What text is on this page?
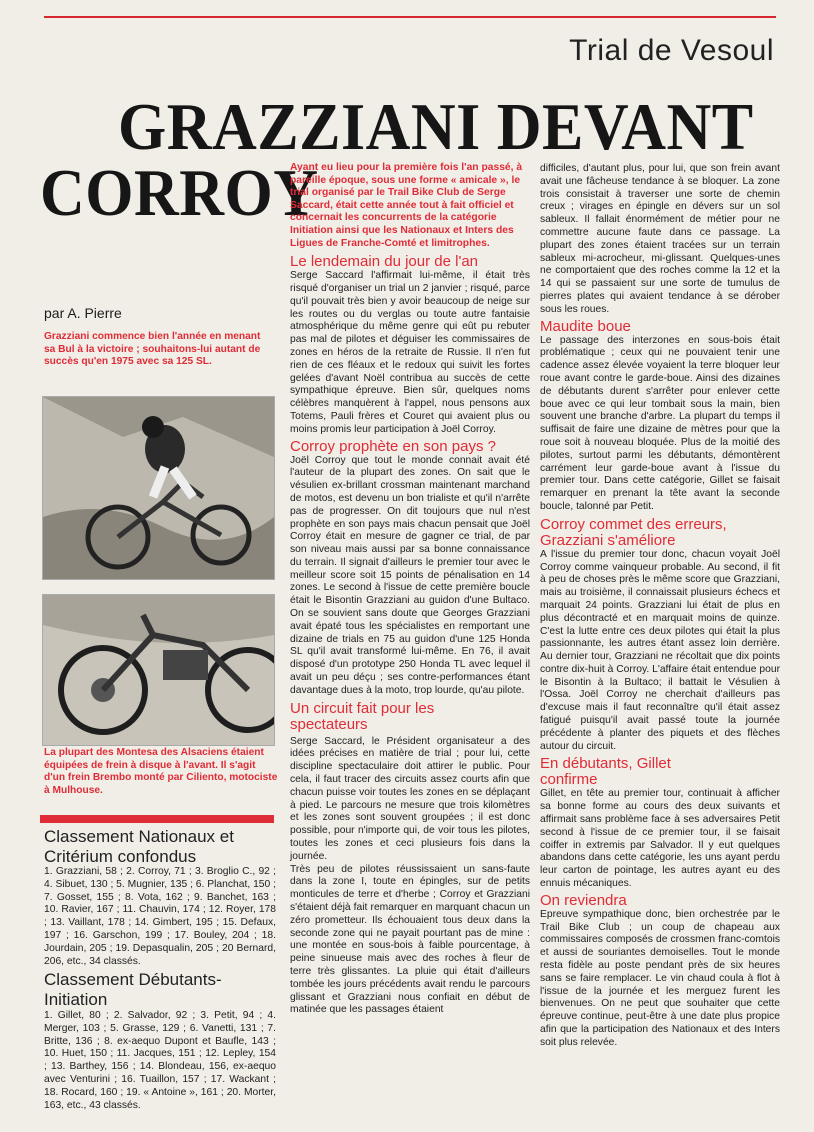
Trial de Vesoul
GRAZZIANI DEVANT
CORROY
par A. Pierre
Grazziani commence bien l'année en menant sa Bul à la victoire ; souhaitons-lui autant de succès qu'en 1975 avec sa 125 SL.
La plupart des Montesa des Alsaciens étaient équipées de frein à disque à l'avant. Il s'agit d'un frein Brembo monté par Ciliento, motociste à Mulhouse.
Classement Nationaux et Critérium confondus
1. Grazziani, 58 ; 2. Corroy, 71 ; 3. Broglio C., 92 ; 4. Sibuet, 130 ; 5. Mugnier, 135 ; 6. Planchat, 150 ; 7. Gosset, 155 ; 8. Vota, 162 ; 9. Banchet, 163 ; 10. Ravier, 167 ; 11. Chauvin, 174 ; 12. Royer, 178 ; 13. Vaillant, 178 ; 14. Gimbert, 195 ; 15. Defaux, 197 ; 16. Garschon, 199 ; 17. Bouley, 204 ; 18. Jourdain, 205 ; 19. Depasqualin, 205 ; 20 Bernard, 206, etc., 34 classés.
Classement Débutants-Initiation
1. Gillet, 80 ; 2. Salvador, 92 ; 3. Petit, 94 ; 4. Merger, 103 ; 5. Grasse, 129 ; 6. Vanetti, 131 ; 7. Britte, 136 ; 8. ex-aequo Dupont et Baufle, 143 ; 10. Huet, 150 ; 11. Jacques, 151 ; 12. Lepley, 154 ; 13. Barthey, 156 ; 14. Blondeau, 156, ex-aequo avec Venturini ; 16. Tuaillon, 157 ; 17. Wackant ; 18. Rocard, 160 ; 19. « Antoine », 161 ; 20. Morter, 163, etc., 43 classés.
Ayant eu lieu pour la première fois l'an passé, à pareille époque, sous une forme « amicale », le trial organisé par le Trail Bike Club de Serge Saccard, était cette année tout à fait officiel et concernait les concurrents de la catégorie Initiation ainsi que les Nationaux et Inters des Ligues de Franche-Comté et limitrophes.
Le lendemain du jour de l'an
Serge Saccard l'affirmait lui-même, il était très risqué d'organiser un trial un 2 janvier ; risqué, parce qu'il pouvait très bien y avoir beaucoup de neige sur les routes ou du verglas ou toute autre fantaisie atmosphérique du même genre qui eût pu rebuter pas mal de pilotes et déguiser les commissaires de zones en héros de la retraite de Russie. Il n'en fut rien de ces fléaux et le redoux qui suivit les fortes gelées d'avant Noël contribua au succès de cette sympathique épreuve. Bien sûr, quelques noms célèbres manquèrent à l'appel, nous pensons aux Totems, Pauli frères et Couret qui avaient plus ou moins promis leur participation à Joël Corroy.
Corroy prophète en son pays ?
Joël Corroy que tout le monde connait avait été l'auteur de la plupart des zones. On sait que le vésulien ex-brillant crossman maintenant marchand de motos, est devenu un bon trialiste et qu'il n'arrête pas de progresser. On dit toujours que nul n'est prophète en son pays mais chacun pensait que Joël Corroy était en mesure de gagner ce trial, de par son niveau mais aussi par sa bonne connaissance du terrain. Il signait d'ailleurs le premier tour avec le meilleur score soit 15 points de pénalisation en 14 zones. Le second à l'issue de cette première boucle était le Bisontin Grazziani au guidon d'une Bultaco. On se souvient sans doute que Georges Grazziani avait épaté tous les spécialistes en remportant une dizaine de trials en 75 au guidon d'une 125 Honda SL qu'il avait transformé lui-même. En 76, il avait disposé d'un prototype 250 Honda TL avec lequel il avait un peu déçu ; ses contre-performances étant davantage dues à la moto, trop lourde, qu'au pilote.
Un circuit fait pour les spectateurs
Serge Saccard, le Président organisateur a des idées précises en matière de trial ; pour lui, cette discipline spectaculaire doit attirer le public. Pour cela, il faut tracer des circuits assez courts afin que chacun puisse voir toutes les zones en se déplaçant à pied. Le parcours ne mesure que trois kilomètres et les zones sont souvent groupées ; il est donc possible, pour n'importe qui, de voir tous les pilotes, toutes les zones et ceci plusieurs fois dans la journée.
Très peu de pilotes réussissaient un sans-faute dans la zone I, toute en épingles, sur de petits monticules de terre et d'herbe ; Corroy et Grazziani s'étaient déjà fait remarquer en marquant chacun un zéro prometteur. Ils échouaient tous deux dans la seconde zone qui ne payait pourtant pas de mine : une montée en sous-bois à faible pourcentage, à peine sinueuse mais avec des roches à fleur de terre très glissantes. La pluie qui était d'ailleurs tombée les jours précédents avait rendu le parcours glissant et Grazziani nous confiait en début de matinée que les passages étaient
difficiles, d'autant plus, pour lui, que son frein avant avait une fâcheuse tendance à se bloquer. La zone trois consistait à traverser une sorte de chemin creux ; virages en épingle en dévers sur un sol sableux. Il fallait énormément de métier pour ne commettre aucune faute dans ce passage. La plupart des zones étaient tracées sur un terrain sableux mi-acrocheur, mi-glissant. Quelques-unes ne comportaient que des roches comme la 12 et la 14 qui se passaient sur une sorte de tumulus de pierres plates qui avaient tendance à se dérober sous les roues.
Maudite boue
Le passage des interzones en sous-bois était problématique ; ceux qui ne pouvaient tenir une cadence assez élevée voyaient la terre bloquer leur roue avant contre le garde-boue. Ainsi des dizaines de débutants durent s'arrêter pour enlever cette boue avec ce qui leur tombait sous la main, bien souvent une branche d'arbre. La plupart du temps il suffisait de faire une dizaine de mètres pour que la roue soit à nouveau bloquée. Plus de la moitié des pilotes, surtout parmi les débutants, démontèrent carrément leur garde-boue avant à l'issue du premier tour. Dans cette catégorie, Gillet se faisait remarquer en prenant la tête avant la seconde boucle, talonné par Petit.
Corroy commet des erreurs, Grazziani s'améliore
A l'issue du premier tour donc, chacun voyait Joël Corroy comme vainqueur probable. Au second, il fit à peu de choses près le même score que Grazziani, mais au troisième, il connaissait plusieurs échecs et marquait 24 points. Grazziani lui était de plus en plus décontracté et en marquait moins de quinze. C'est la lutte entre ces deux pilotes qui était la plus passionnante, les autres étant assez loin derrière. Au dernier tour, Grazziani ne récoltait que dix points contre dix-huit à Corroy. L'affaire était entendue pour le Bisontin à la Bultaco; il battait le Vésulien à l'Ossa. Joël Corroy ne cherchait d'ailleurs pas d'excuse mais il faut reconnaître qu'il était assez fatigué puisqu'il avait passé toute la journée précédente à planter des piquets et des flèches autour du circuit.
En débutants, Gillet confirme
Gillet, en tête au premier tour, continuait à afficher sa bonne forme au cours des deux suivants et affirmait sans problème face à ses adversaires Petit second à l'issue de ce premier tour, il se faisait coiffer in extremis par Salvador. Il y eut quelques abandons dans cette catégorie, les uns ayant perdu leur carton de pointage, les autres ayant eu des ennuis mécaniques.
On reviendra
Epreuve sympathique donc, bien orchestrée par le Trail Bike Club ; un coup de chapeau aux commissaires composés de crossmen franc-comtois et aussi de souriantes demoiselles. Tout le monde resta fidèle au poste pendant près de six heures sans se faire remplacer. Le vin chaud coula à flot à l'issue de la journée et les merguez furent les bienvenues. On ne peut que souhaiter que cette épreuve continue, peut-être à une date plus propice afin que la participation des Nationaux et des Inters soit plus relevée.
